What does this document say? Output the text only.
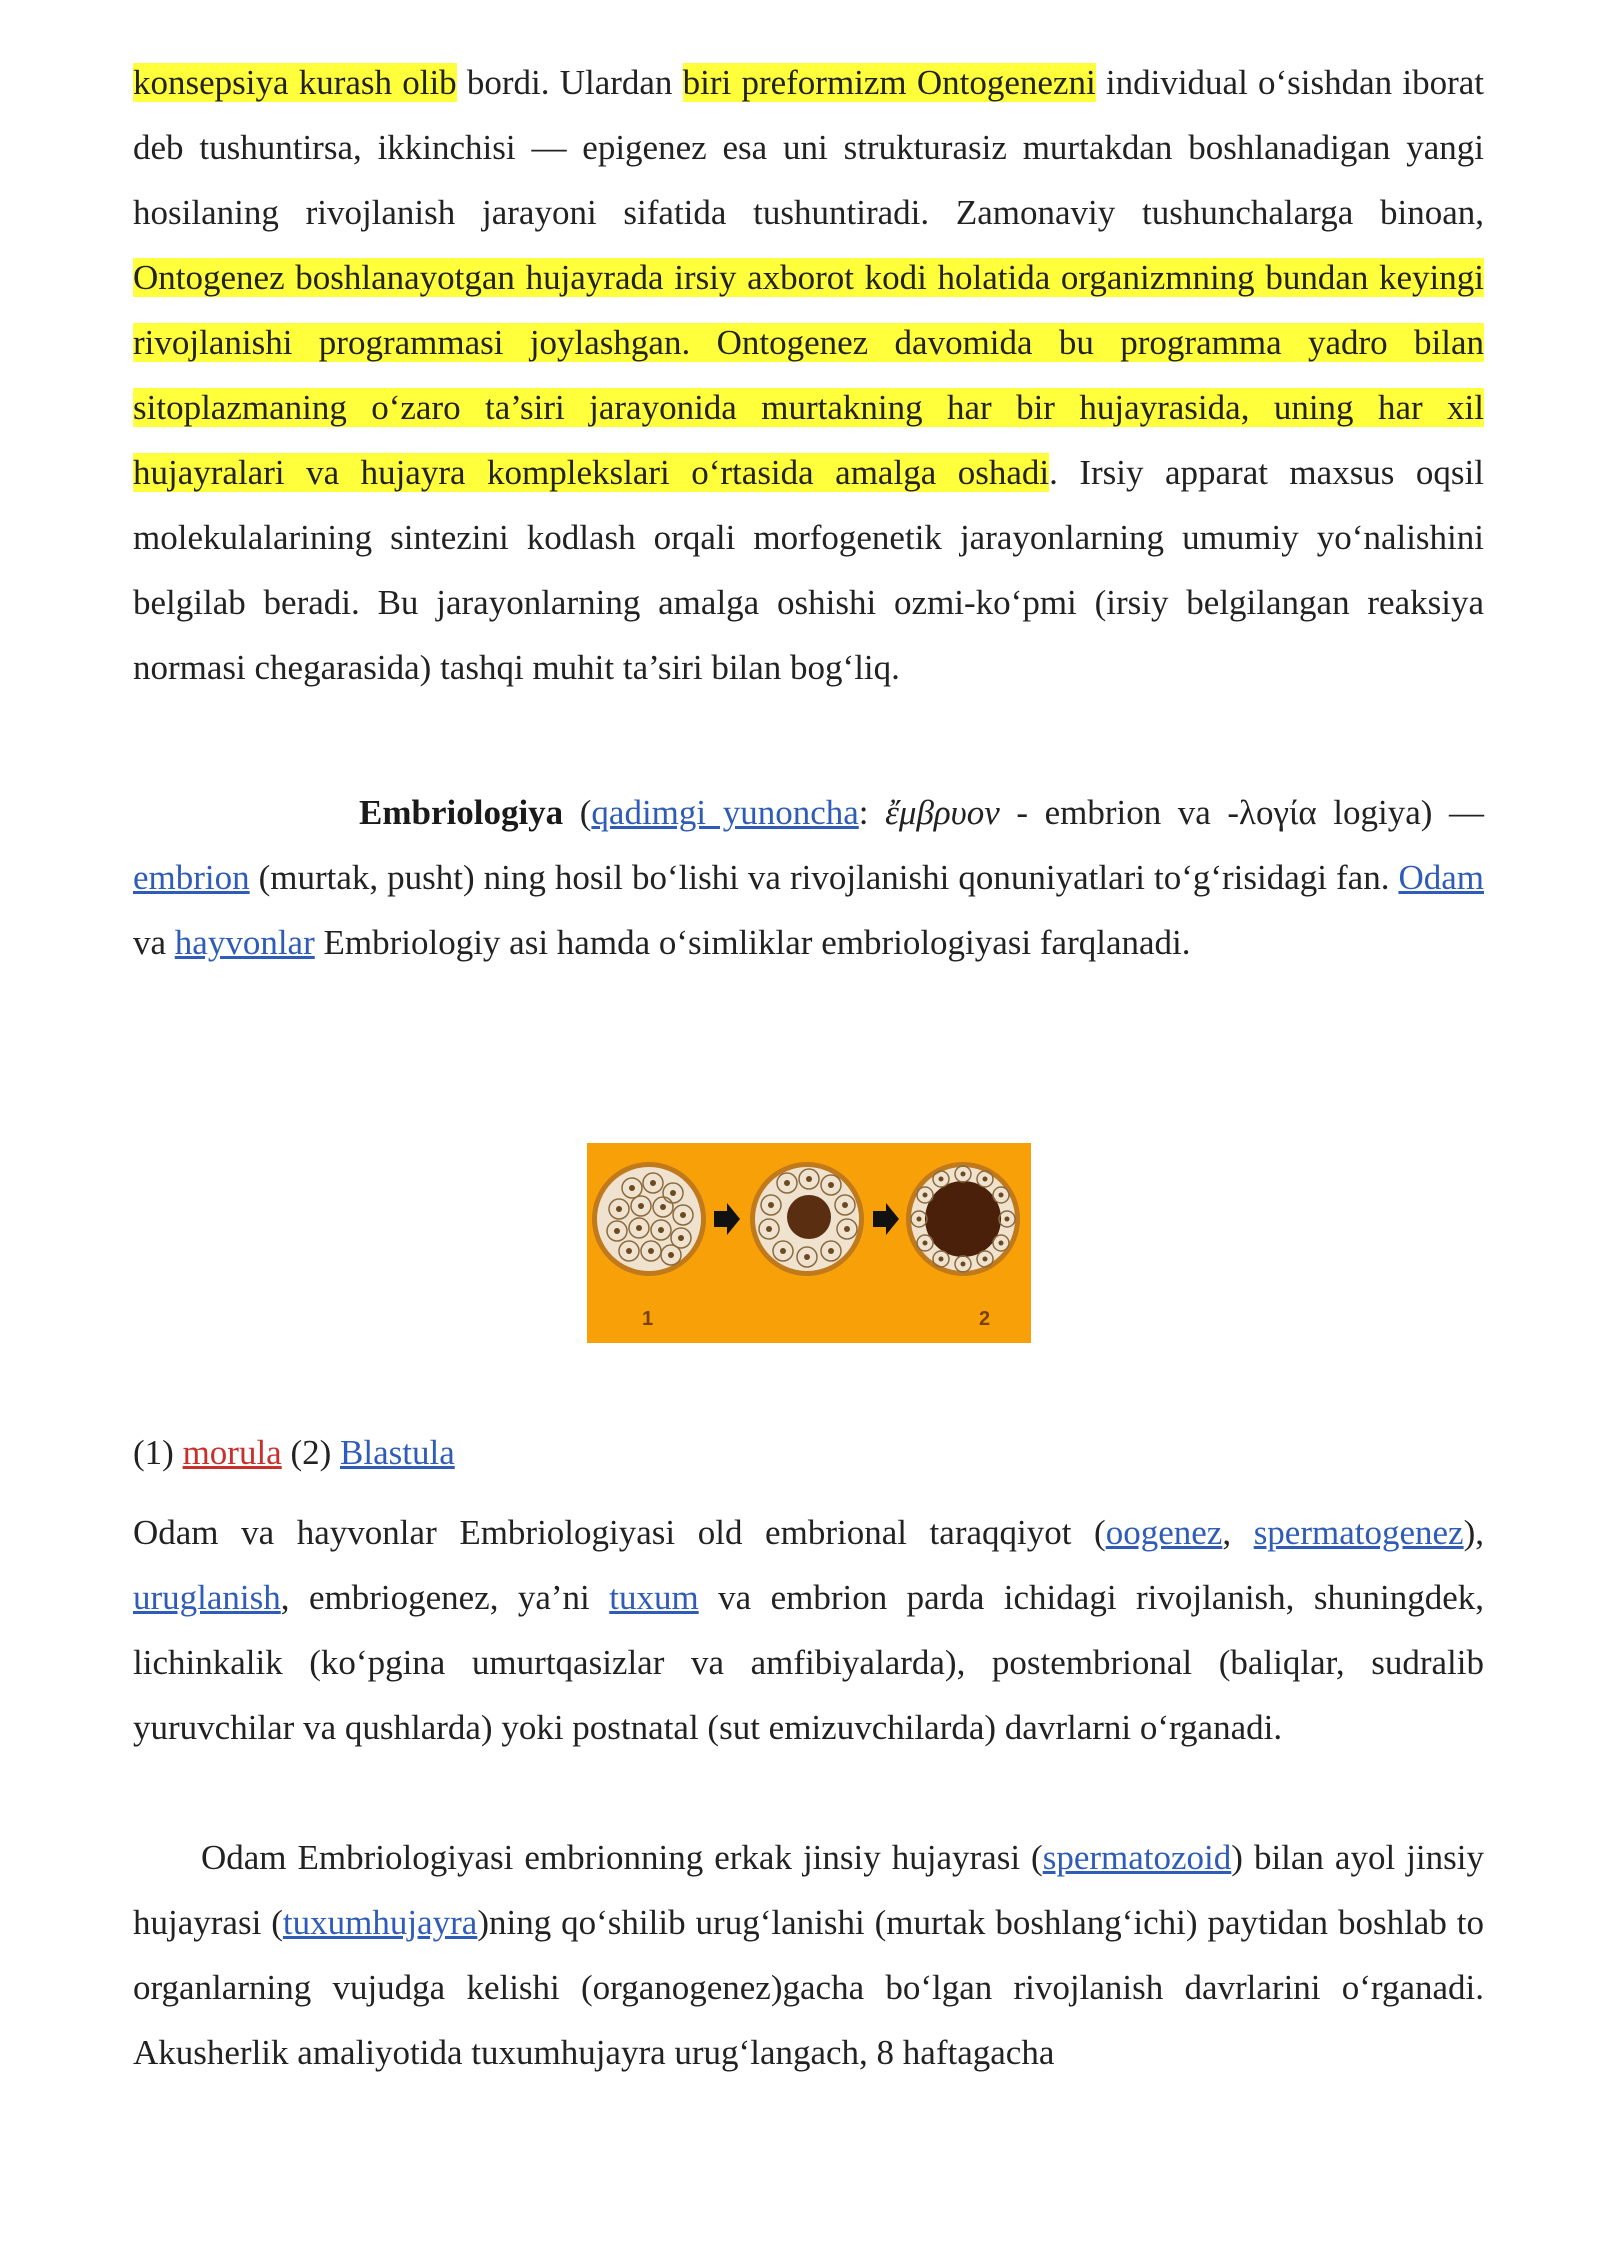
konsepsiya kurash olib bordi. Ulardan biri preformizm Ontogenezni individual o‘sishdan iborat deb tushuntirsa, ikkinchisi — epigenez esa uni strukturasiz murtakdan boshlanadigan yangi hosilaning rivojlanish jarayoni sifatida tushuntiradi. Zamonaviy tushunchalarga binoan, Ontogenez boshlanayotgan hujayrada irsiy axborot kodi holatida organizmning bundan keyingi rivojlanishi programmasi joylashgan. Ontogenez davomida bu programma yadro bilan sitoplazmaning o‘zaro ta’siri jarayonida murtakning har bir hujayrasida, uning har xil hujayralari va hujayra komplekslari o‘rtasida amalga oshadi. Irsiy apparat maxsus oqsil molekulalarining sintezini kodlash orqali morfogenetik jarayonlarning umumiy yo‘nalishini belgilab beradi. Bu jarayonlarning amalga oshishi ozmi-ko‘pmi (irsiy belgilangan reaksiya normasi chegarasida) tashqi muhit ta’siri bilan bog‘liq.

Embriologiya (qadimgi yunoncha: ἔμβρυον - embrion va -λογία logiya) — embrion (murtak, pusht) ning hosil bo‘lishi va rivojlanishi qonuniyatlari to‘g‘risidagi fan. Odam va hayvonlar Embriologiy asi hamda o‘simliklar embriologiyasi farqlanadi.

1	2
(1) morula (2) Blastula

Odam va hayvonlar Embriologiyasi old embrional taraqqiyot (oogenez, spermatogenez), uruglanish, embriogenez, ya’ni tuxum va embrion parda ichidagi rivojlanish, shuningdek, lichinkalik (ko‘pgina umurtqasizlar va amfibiyalarda), postembrional (baliqlar, sudralib yuruvchilar va qushlarda) yoki postnatal (sut emizuvchilarda) davrlarni o‘rganadi.

Odam Embriologiyasi embrionning erkak jinsiy hujayrasi (spermatozoid) bilan ayol jinsiy hujayrasi (tuxumhujayra)ning qo‘shilib urug‘lanishi (murtak boshlang‘ichi) paytidan boshlab to organlarning vujudga kelishi (organogenez)gacha bo‘lgan rivojlanish davrlarini o‘rganadi. Akusherlik amaliyotida tuxumhujayra urug‘langach, 8 haftagacha
